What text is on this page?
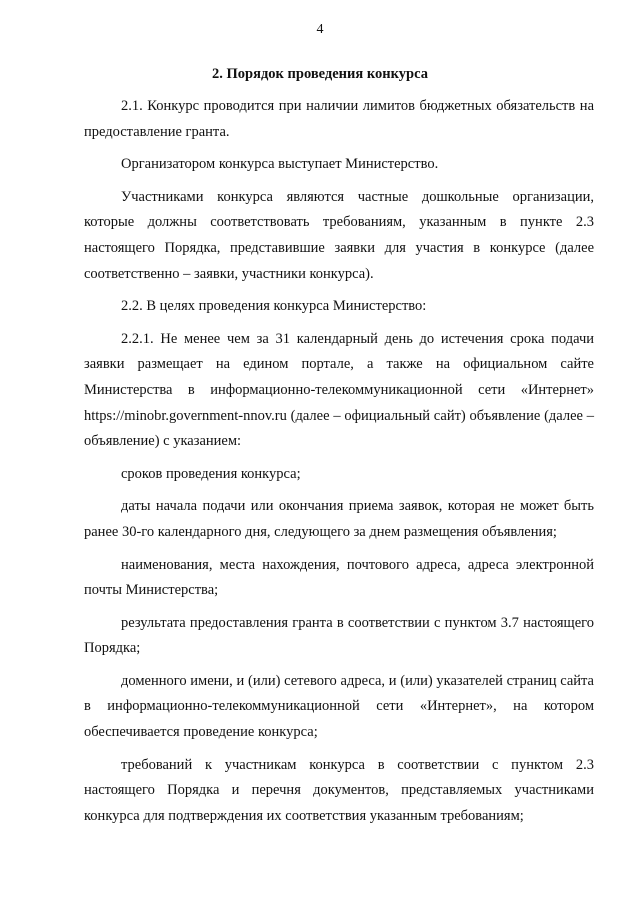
4
2. Порядок проведения конкурса

2.1. Конкурс проводится при наличии лимитов бюджетных обязательств на предоставление гранта.

Организатором конкурса выступает Министерство.

Участниками конкурса являются частные дошкольные организации, которые должны соответствовать требованиям, указанным в пункте 2.3 настоящего Порядка, представившие заявки для участия в конкурсе (далее соответственно – заявки, участники конкурса).

2.2. В целях проведения конкурса Министерство:

2.2.1. Не менее чем за 31 календарный день до истечения срока подачи заявки размещает на едином портале, а также на официальном сайте Министерства в информационно-телекоммуникационной сети «Интернет» https://minobr.government-nnov.ru (далее – официальный сайт) объявление (далее – объявление) с указанием:

сроков проведения конкурса;

даты начала подачи или окончания приема заявок, которая не может быть ранее 30-го календарного дня, следующего за днем размещения объявления;

наименования, места нахождения, почтового адреса, адреса электронной почты Министерства;

результата предоставления гранта в соответствии с пунктом 3.7 настоящего Порядка;

доменного имени, и (или) сетевого адреса, и (или) указателей страниц сайта в информационно-телекоммуникационной сети «Интернет», на котором обеспечивается проведение конкурса;

требований к участникам конкурса в соответствии с пунктом 2.3 настоящего Порядка и перечня документов, представляемых участниками конкурса для подтверждения их соответствия указанным требованиям;
